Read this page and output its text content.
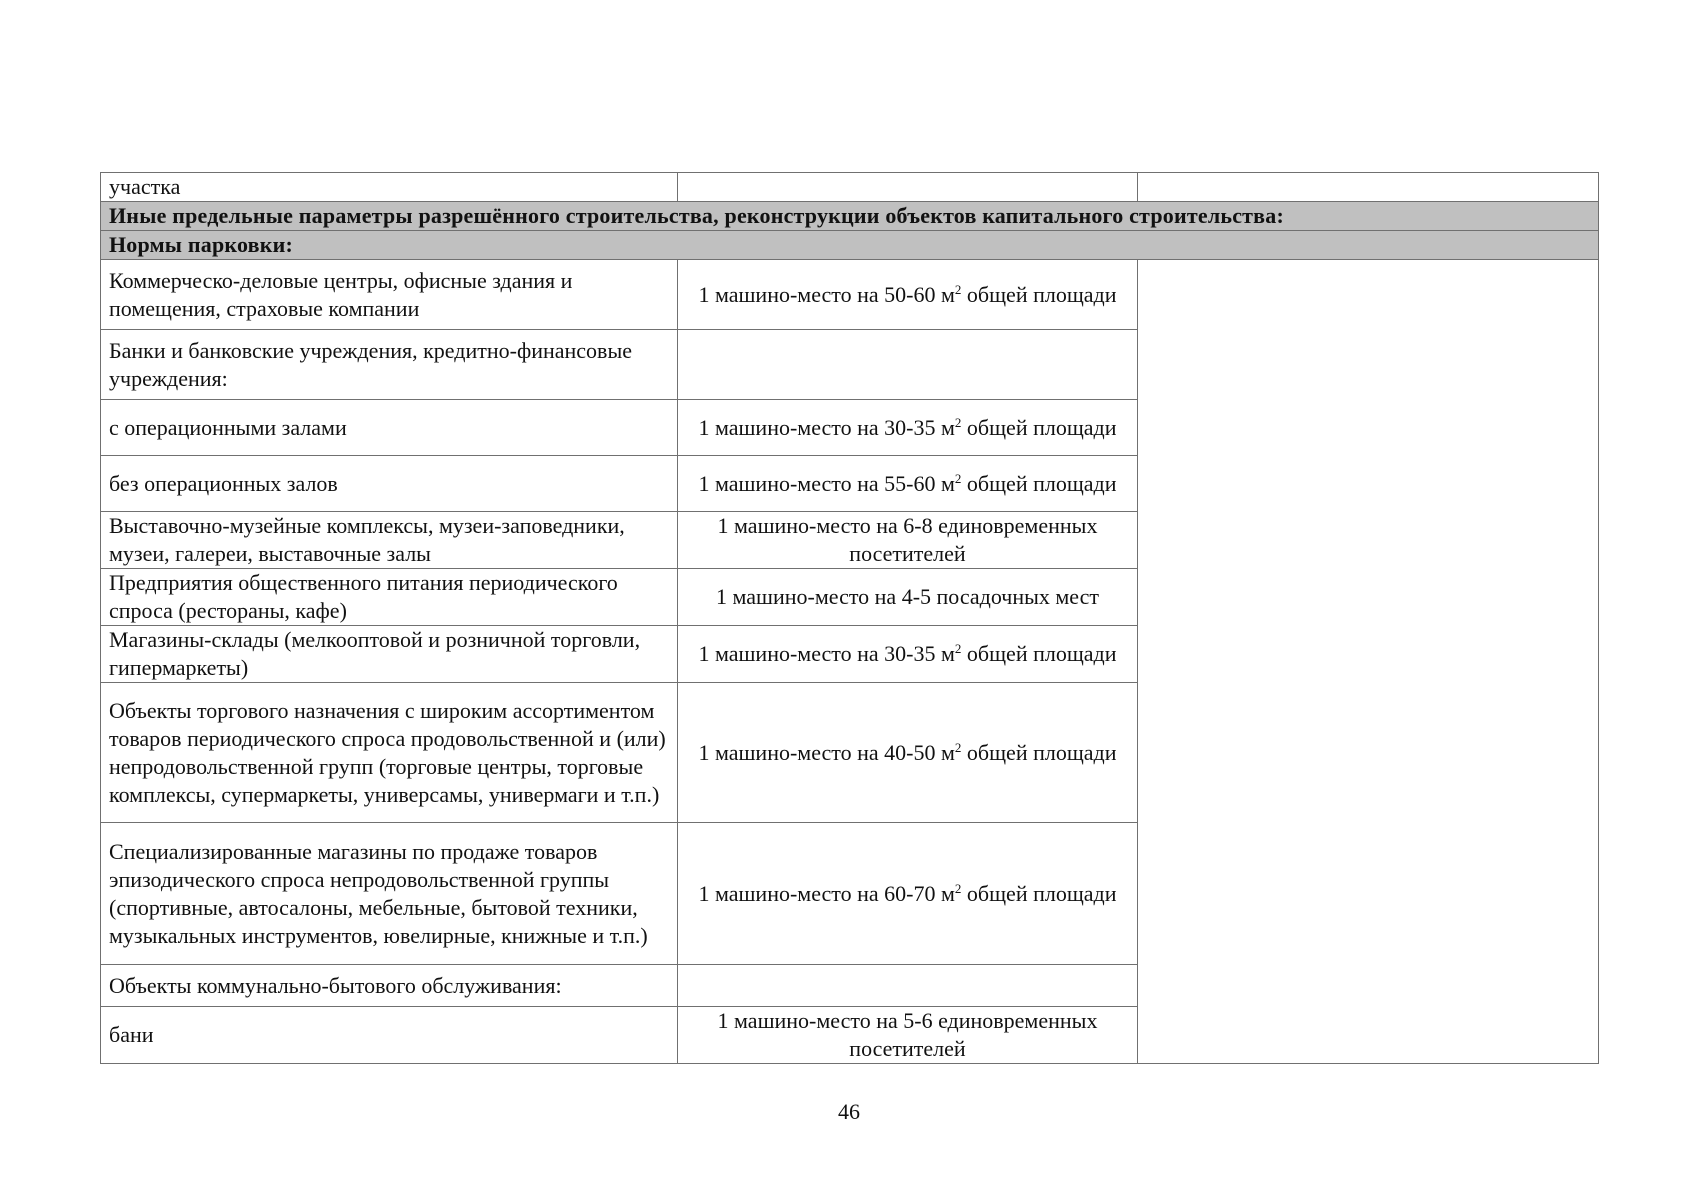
участка		
Иные предельные параметры разрешённого строительства, реконструкции объектов капитального строительства:		
Нормы парковки:		
Коммерческо-деловые центры, офисные здания и помещения, страховые компании	1 машино-место на 50-60 $м^2$ общей площади	
Банки и банковские учреждения, кредитно-финансовые учреждения:		
с операционными залами	1 машино-место на 30-35 $м^2$ общей площади	
без операционных залов	1 машино-место на 55-60 $м^2$ общей площади	
Выставочно-музейные комплексы, музеи-заповедники, музеи, галереи, выставочные залы	1 машино-место на 6-8 единовременных посетителей	
Предприятия общественного питания периодического спроса (рестораны, кафе)	1 машино-место на 4-5 посадочных мест	
Магазины-склады (мелкооптовой и розничной торговли, гипермаркеты)	1 машино-место на 30-35 $м^2$ общей площади	
Объекты торгового назначения с широким ассортиментом товаров периодического спроса продовольственной и (или) непродовольственной групп (торговые центры, торговые комплексы, супермаркеты, универсамы, универмаги и т.п.)	1 машино-место на 40-50 $м^2$ общей площади	
Специализированные магазины по продаже товаров эпизодического спроса непродовольственной группы (спортивные, автосалоны, мебельные, бытовой техники, музыкальных инструментов, ювелирные, книжные и т.п.)	1 машино-место на 60-70 $м^2$ общей площади	
Объекты коммунально-бытового обслуживания:		
бани	1 машино-место на 5-6 единовременных посетителей	
46
